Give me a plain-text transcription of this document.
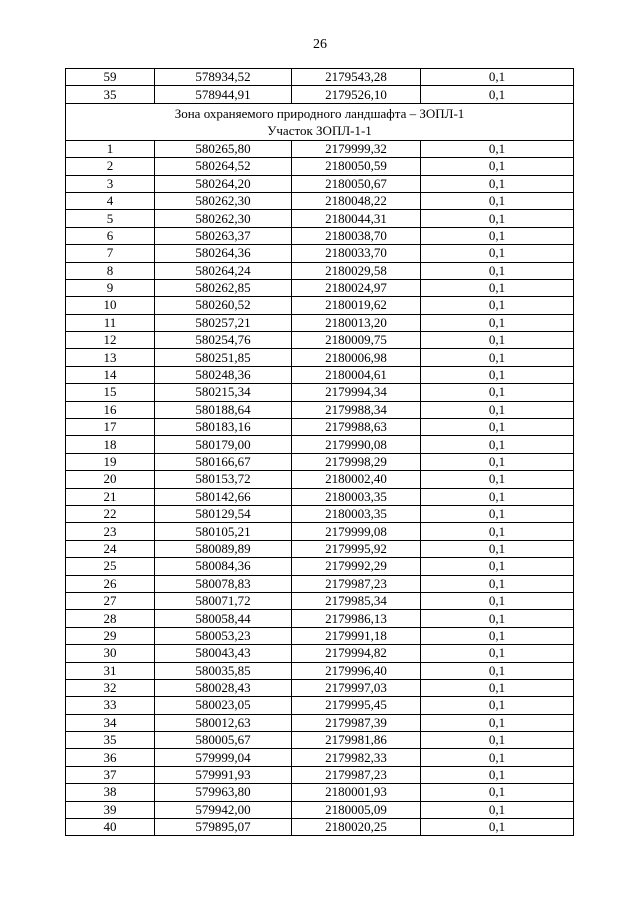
26
59	578934,52	2179543,28	0,1
35	578944,91	2179526,10	0,1

Зона охраняемого природного ландшафта – ЗОПЛ-1
Участок ЗОПЛ-1-1			

1	580265,80	2179999,32	0,1
2	580264,52	2180050,59	0,1
3	580264,20	2180050,67	0,1
4	580262,30	2180048,22	0,1
5	580262,30	2180044,31	0,1
6	580263,37	2180038,70	0,1
7	580264,36	2180033,70	0,1
8	580264,24	2180029,58	0,1
9	580262,85	2180024,97	0,1
10	580260,52	2180019,62	0,1
11	580257,21	2180013,20	0,1
12	580254,76	2180009,75	0,1
13	580251,85	2180006,98	0,1
14	580248,36	2180004,61	0,1
15	580215,34	2179994,34	0,1
16	580188,64	2179988,34	0,1
17	580183,16	2179988,63	0,1
18	580179,00	2179990,08	0,1
19	580166,67	2179998,29	0,1
20	580153,72	2180002,40	0,1
21	580142,66	2180003,35	0,1
22	580129,54	2180003,35	0,1
23	580105,21	2179999,08	0,1
24	580089,89	2179995,92	0,1
25	580084,36	2179992,29	0,1
26	580078,83	2179987,23	0,1
27	580071,72	2179985,34	0,1
28	580058,44	2179986,13	0,1
29	580053,23	2179991,18	0,1
30	580043,43	2179994,82	0,1
31	580035,85	2179996,40	0,1
32	580028,43	2179997,03	0,1
33	580023,05	2179995,45	0,1
34	580012,63	2179987,39	0,1
35	580005,67	2179981,86	0,1
36	579999,04	2179982,33	0,1
37	579991,93	2179987,23	0,1
38	579963,80	2180001,93	0,1
39	579942,00	2180005,09	0,1
40	579895,07	2180020,25	0,1
